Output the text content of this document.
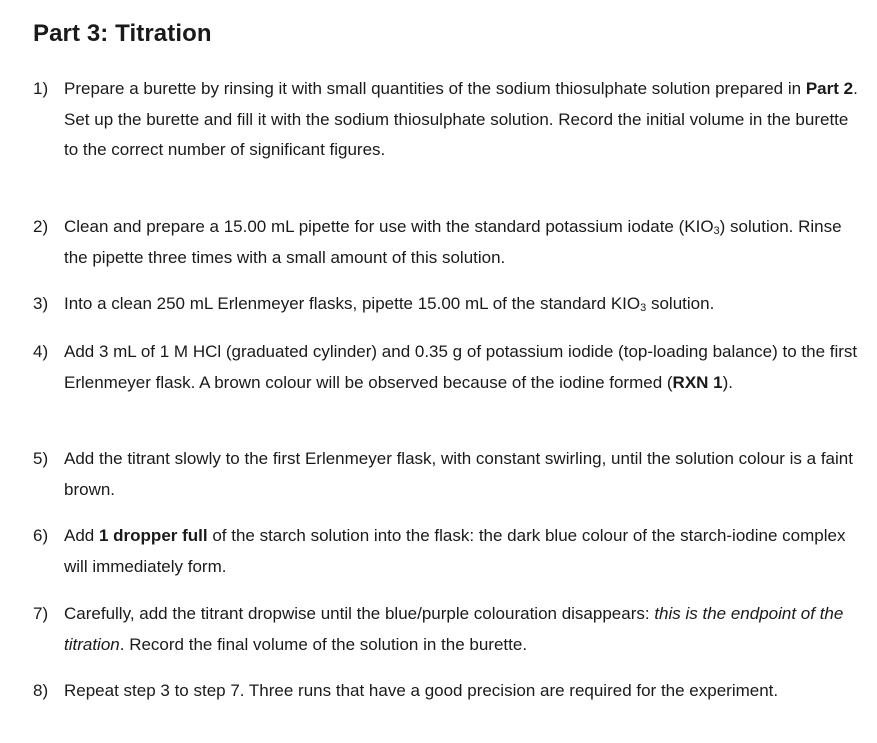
Part 3: Titration
1) Prepare a burette by rinsing it with small quantities of the sodium thiosulphate solution prepared in Part 2. Set up the burette and fill it with the sodium thiosulphate solution. Record the initial volume in the burette to the correct number of significant figures.
2) Clean and prepare a 15.00 mL pipette for use with the standard potassium iodate $(KIO_3)$ solution. Rinse the pipette three times with a small amount of this solution.
3) Into a clean 250 mL Erlenmeyer flasks, pipette 15.00 mL of the standard $KIO_3$ solution.
4) Add 3 mL of 1 M HCl (graduated cylinder) and 0.35 g of potassium iodide (top-loading balance) to the first Erlenmeyer flask. A brown colour will be observed because of the iodine formed (RXN 1).
5) Add the titrant slowly to the first Erlenmeyer flask, with constant swirling, until the solution colour is a faint brown.
6) Add 1 dropper full of the starch solution into the flask: the dark blue colour of the starch-iodine complex will immediately form.
7) Carefully, add the titrant dropwise until the blue/purple colouration disappears: this is the endpoint of the titration. Record the final volume of the solution in the burette.
8) Repeat step 3 to step 7. Three runs that have a good precision are required for the experiment.
